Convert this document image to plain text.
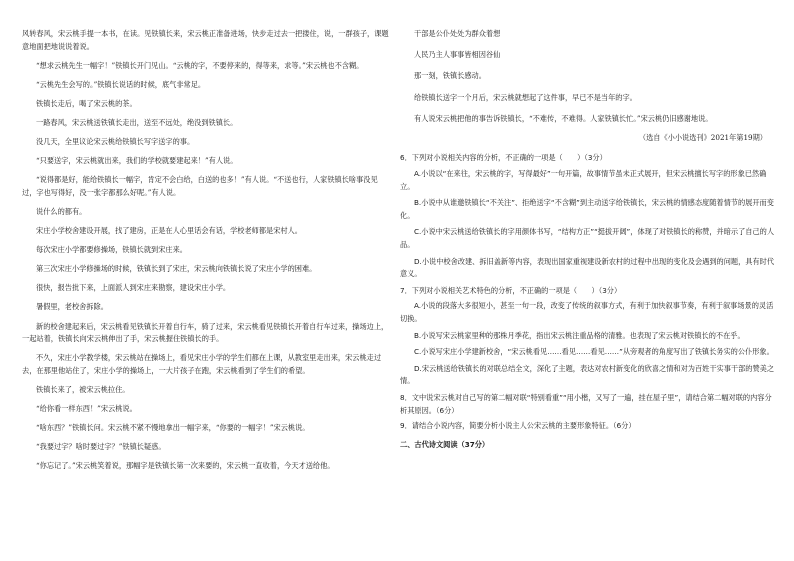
风转春风，宋云桃手提一本书，在读。见铁镇长来，宋云桃正准备进场，快步走过去一把搂住，说，一群孩子，课题意地面把地说说着说。

“想求云桃先生一幅字！”铁镇长开门见山。“云桃的字，不要停来的，得等来，求等。”宋云桃也不含糊。

“云桃先生会写的。”铁镇长说话的时候，底气非常足。

铁镇长走后，喝了宋云桃的茶。

一路春风，宋云桃送铁镇长走出，送至不远处，绝没到铁镇长。

没几天，全里议论宋云桃给铁镇长写字送字的事。

“只要送字，宋云桃就出来，我们的学校就要建起来！”有人说。

“说得都是好，能给铁镇长一幅字，肯定不会白给，白送的也多！”有人说。“不送也行，人家铁镇长啥事没见过，字也写得好，没一张字都那么好呢。”有人说。

说什么的都有。

宋庄小学校舍建设开展，找了建房，正是在人心里话会有话，学校老师都是宋村人。

每次宋庄小学都要修操场，铁镇长就到宋庄来。

第三次宋庄小学修操场的时候，铁镇长到了宋庄，宋云桃向铁镇长说了宋庄小学的困难。

很快，报告批下来，上面派人到宋庄来勘察，建设宋庄小学。

暑假里，老校舍拆除。

新的校舍建起来后，宋云桃看见铁镇长开着自行车，骑了过来，宋云桃看见铁镇长开着自行车过来，操场边上，一起站着，铁镇长向宋云桃伸出了手，宋云桃握住铁镇长的手。

不久，宋庄小学教学楼，宋云桃站在操场上，看见宋庄小学的学生们都在上课，从教室里走出来，宋云桃走过去，在那里他站住了，宋庄小学的操场上，一大片孩子在跑，宋云桃看到了学生们的希望。

铁镇长来了，被宋云桃拉住。

“给你看一样东西！”宋云桃说。

“啥东西？”铁镇长问。宋云桃不紧不慢地拿出一幅字来，“你要的一幅字！”宋云桃说。

“我要过字？啥时要过字？”铁镇长疑惑。

“你忘记了。”宋云桃笑着说，那幅字是铁镇长第一次来要的，宋云桃一直收着，今天才送给他。

干部是公仆处处为群众着想
人民乃主人事事皆相因谷仙
那一刻，铁镇长感动。
给铁镇长送字一个月后，宋云桃就想起了这件事，早已不是当年的字。

有人说宋云桃把他的事告诉铁镇长，“不难传，不难得。人家铁镇长忙。”宋云桃仍旧感谢地说。

（选自《小小说选刊》2021年第19期）
6．下列对小说相关内容的分析，不正确的一项是（　　）（3分）
A.小说以“在来往，宋云桃的字，写得最好”一句开篇，故事情节虽未正式展开，但宋云桃擅长写字的形象已然确立。
B.小说中从谁邀铁镇长“不关注”、拒绝送字“不含糊”到主动送字给铁镇长，宋云桃的情感态度随着情节的展开而变化。
C.小说中宋云桃送给铁镇长的字用颜体书写，“结构方正”“挺拔开阔”，体现了对铁镇长的称赞，并暗示了自己的人品。
D.小说中校舍改建、拆旧盖新等内容，表现出国家重视建设新农村的过程中出现的变化及会遇到的问题，具有时代意义。
7．下列对小说相关艺术特色的分析，不正确的一项是（　　）（3分）
A.小说的段落大多很短小，甚至一句一段，改变了传统的叙事方式，有利于加快叙事节奏，有利于叙事场景的灵活切换。
B.小说写宋云桃家里种的那株月季花，指出宋云桃注重品格的清雅。也表现了宋云桃对铁镇长的不在乎。
C.小说写宋庄小学建新校舍，“宋云桃看见……看见……看见……”从旁观者的角度写出了铁镇长务实的公仆形象。
D.宋云桃送给铁镇长的对联总结全文，深化了主题，表达对农村新变化的欣喜之情和对为百姓干实事干部的赞美之情。
8．文中说宋云桃对自己写的第二幅对联“特别看重”“用小楷，又写了一遍，挂在屋子里”，请结合第二幅对联的内容分析其原因。（6分）
9．请结合小说内容，简要分析小说主人公宋云桃的主要形象特征。（6分）
二、古代诗文阅读（37分）
